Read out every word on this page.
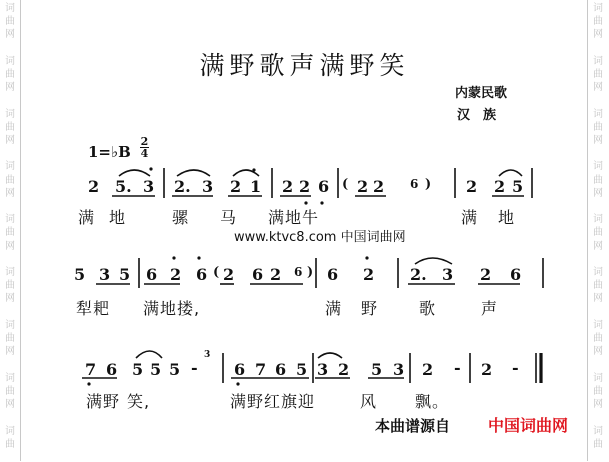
词
曲
网

词
曲
网

词
曲
网

词
曲
网

词
曲
网

词
曲
网

词
曲
网

词
曲
网

词
曲
词
曲
网

词
曲
网

词
曲
网

词
曲
网

词
曲
网

词
曲
网

词
曲
网

词
曲
网

词
曲
满野歌声满野笑
内蒙民歌
汉　族
1=♭B
2
4
2 5. 3 2. 3 2 1 2 2 6 ( 2 2 6 ) 2 2 5
满 地	骡 马 满地牛	满 地
www.ktvc8.com 中国词曲网
5 3 5 6 2 6 ( 2 6 2 6 ) 6 2 2. 3 2 6
犁耙 满地搂,	满 野	歌	声
7 6 5 5 5 -
3
6 7 6 5 3 2 5 3 2 - 2 -
满野 笑,	满野红旗迎	风 飘。
本曲谱源自 中国词曲网
